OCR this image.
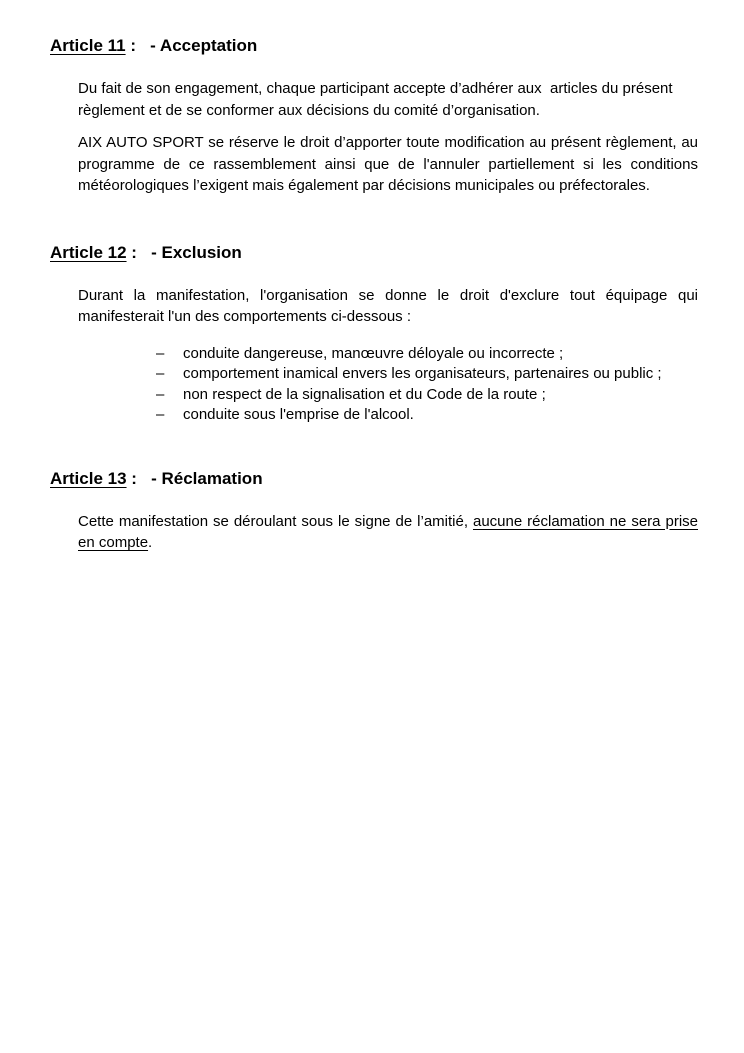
Article 11 :   - Acceptation

Du fait de son engagement, chaque participant accepte d’adhérer aux  articles du présent règlement et de se conformer aux décisions du comité d’organisation.

AIX AUTO SPORT se réserve le droit d’apporter toute modification au présent règlement, au programme de ce rassemblement ainsi que de l'annuler partiellement si les conditions météorologiques l’exigent mais également par décisions municipales ou préfectorales.

Article 12 :   - Exclusion

Durant la manifestation, l'organisation se donne le droit d'exclure tout équipage qui manifesterait l'un des comportements ci-dessous :

–	conduite dangereuse, manœuvre déloyale ou incorrecte ;
–	comportement inamical envers les organisateurs, partenaires ou public ;
–	non respect de la signalisation et du Code de la route ;
–	conduite sous l'emprise de l'alcool.
Article 13 :   - Réclamation

Cette manifestation se déroulant sous le signe de l’amitié, aucune réclamation ne sera prise en compte.
